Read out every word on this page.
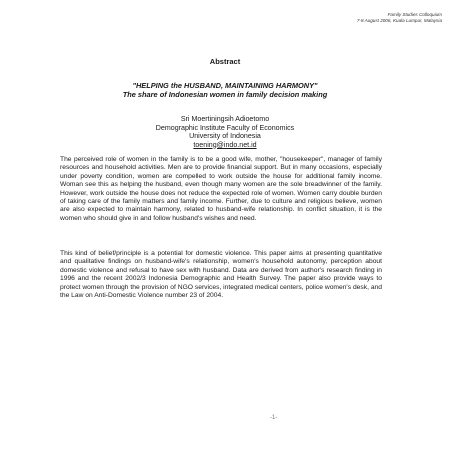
Family Studies Colloquium
7-8 August 2006, Kuala Lumpur, Malaysia
Abstract
"HELPING the HUSBAND, MAINTAINING HARMONY"
The share of Indonesian women in family decision making
Sri Moertiningsih Adioetomo
Demographic Institute Faculty of Economics
University of Indonesia
toening@indo.net.id

The perceived role of women in the family is to be a good wife, mother, "housekeeper", manager of family resources and household activities. Men are to provide financial support. But in many occasions, especially under poverty condition, women are compelled to work outside the house for additional family income. Woman see this as helping the husband, even though many women are the sole breadwinner of the family. However, work outside the house does not reduce the expected role of women. Women carry double burden of taking care of the family matters and family income. Further, due to culture and religious believe, women are also expected to maintain harmony, related to husband-wife relationship. In conflict situation, it is the women who should give in and follow husband's wishes and need.

This kind of belief/principle is a potential for domestic violence. This paper aims at presenting quantitative and qualitative findings on husband-wife's relationship, women's household autonomy, perception about domestic violence and refusal to have sex with husband. Data are derived from author's research finding in 1996 and the recent 2002/3 Indonesia Demographic and Health Survey. The paper also provide ways to protect women through the provision of NGO services, integrated medical centers, police women's desk, and the Law on Anti-Domestic Violence number 23 of 2004.

-1-
